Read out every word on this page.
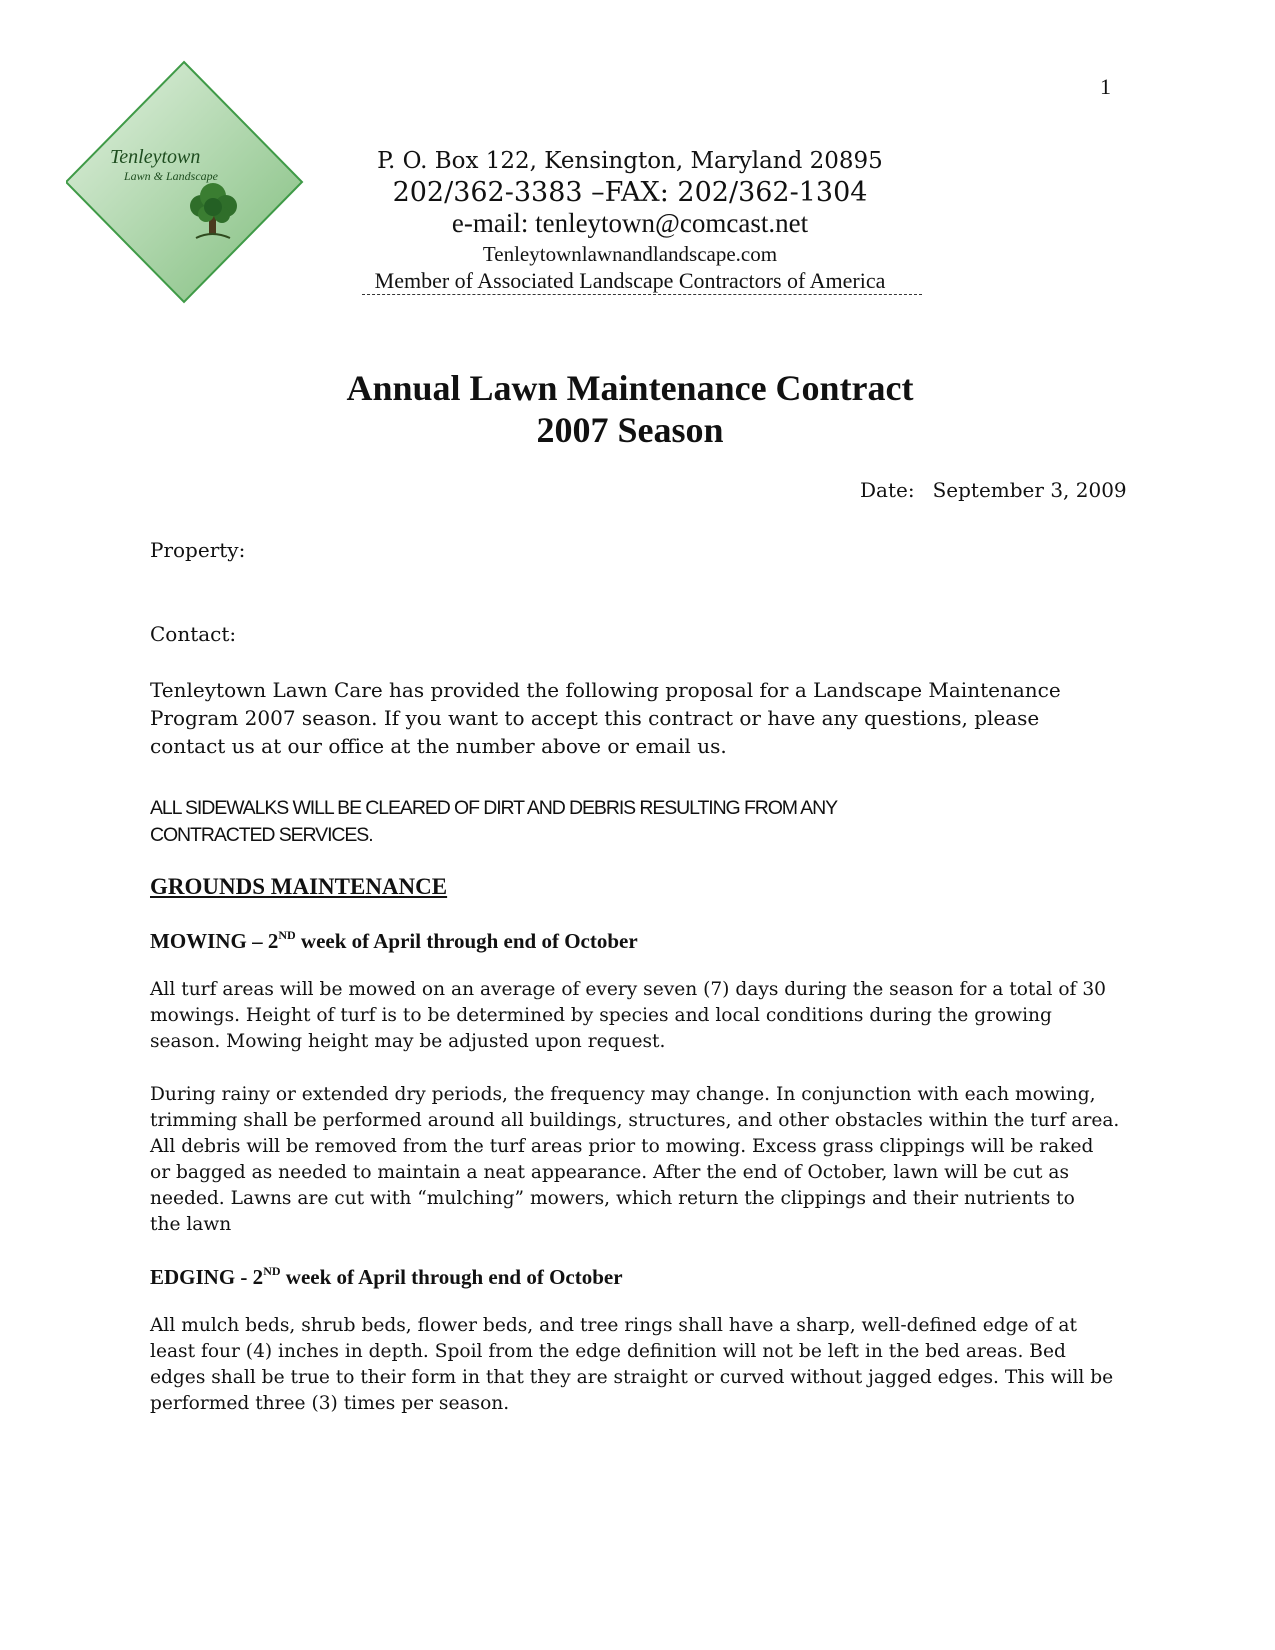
1
Tenleytown
Lawn & Landscape
P. O. Box 122, Kensington, Maryland 20895
202/362-3383 –FAX: 202/362-1304
e-mail: tenleytown@comcast.net
Tenleytownlawnandlandscape.com
Member of Associated Landscape Contractors of America
Annual Lawn Maintenance Contract
2007 Season
Date: September 3, 2009
Property:
Contact:
Tenleytown Lawn Care has provided the following proposal for a Landscape Maintenance
Program 2007 season. If you want to accept this contract or have any questions, please
contact us at our office at the number above or email us.
ALL SIDEWALKS WILL BE CLEARED OF DIRT AND DEBRIS RESULTING FROM ANY
CONTRACTED SERVICES.
GROUNDS MAINTENANCE
MOWING – 2ND week of April through end of October
All turf areas will be mowed on an average of every seven (7) days during the season for a total of 30
mowings. Height of turf is to be determined by species and local conditions during the growing
season. Mowing height may be adjusted upon request.
During rainy or extended dry periods, the frequency may change. In conjunction with each mowing,
trimming shall be performed around all buildings, structures, and other obstacles within the turf area.
All debris will be removed from the turf areas prior to mowing. Excess grass clippings will be raked
or bagged as needed to maintain a neat appearance. After the end of October, lawn will be cut as
needed. Lawns are cut with “mulching” mowers, which return the clippings and their nutrients to
the lawn
EDGING - 2ND week of April through end of October
All mulch beds, shrub beds, flower beds, and tree rings shall have a sharp, well-defined edge of at
least four (4) inches in depth. Spoil from the edge definition will not be left in the bed areas. Bed
edges shall be true to their form in that they are straight or curved without jagged edges. This will be
performed three (3) times per season.
